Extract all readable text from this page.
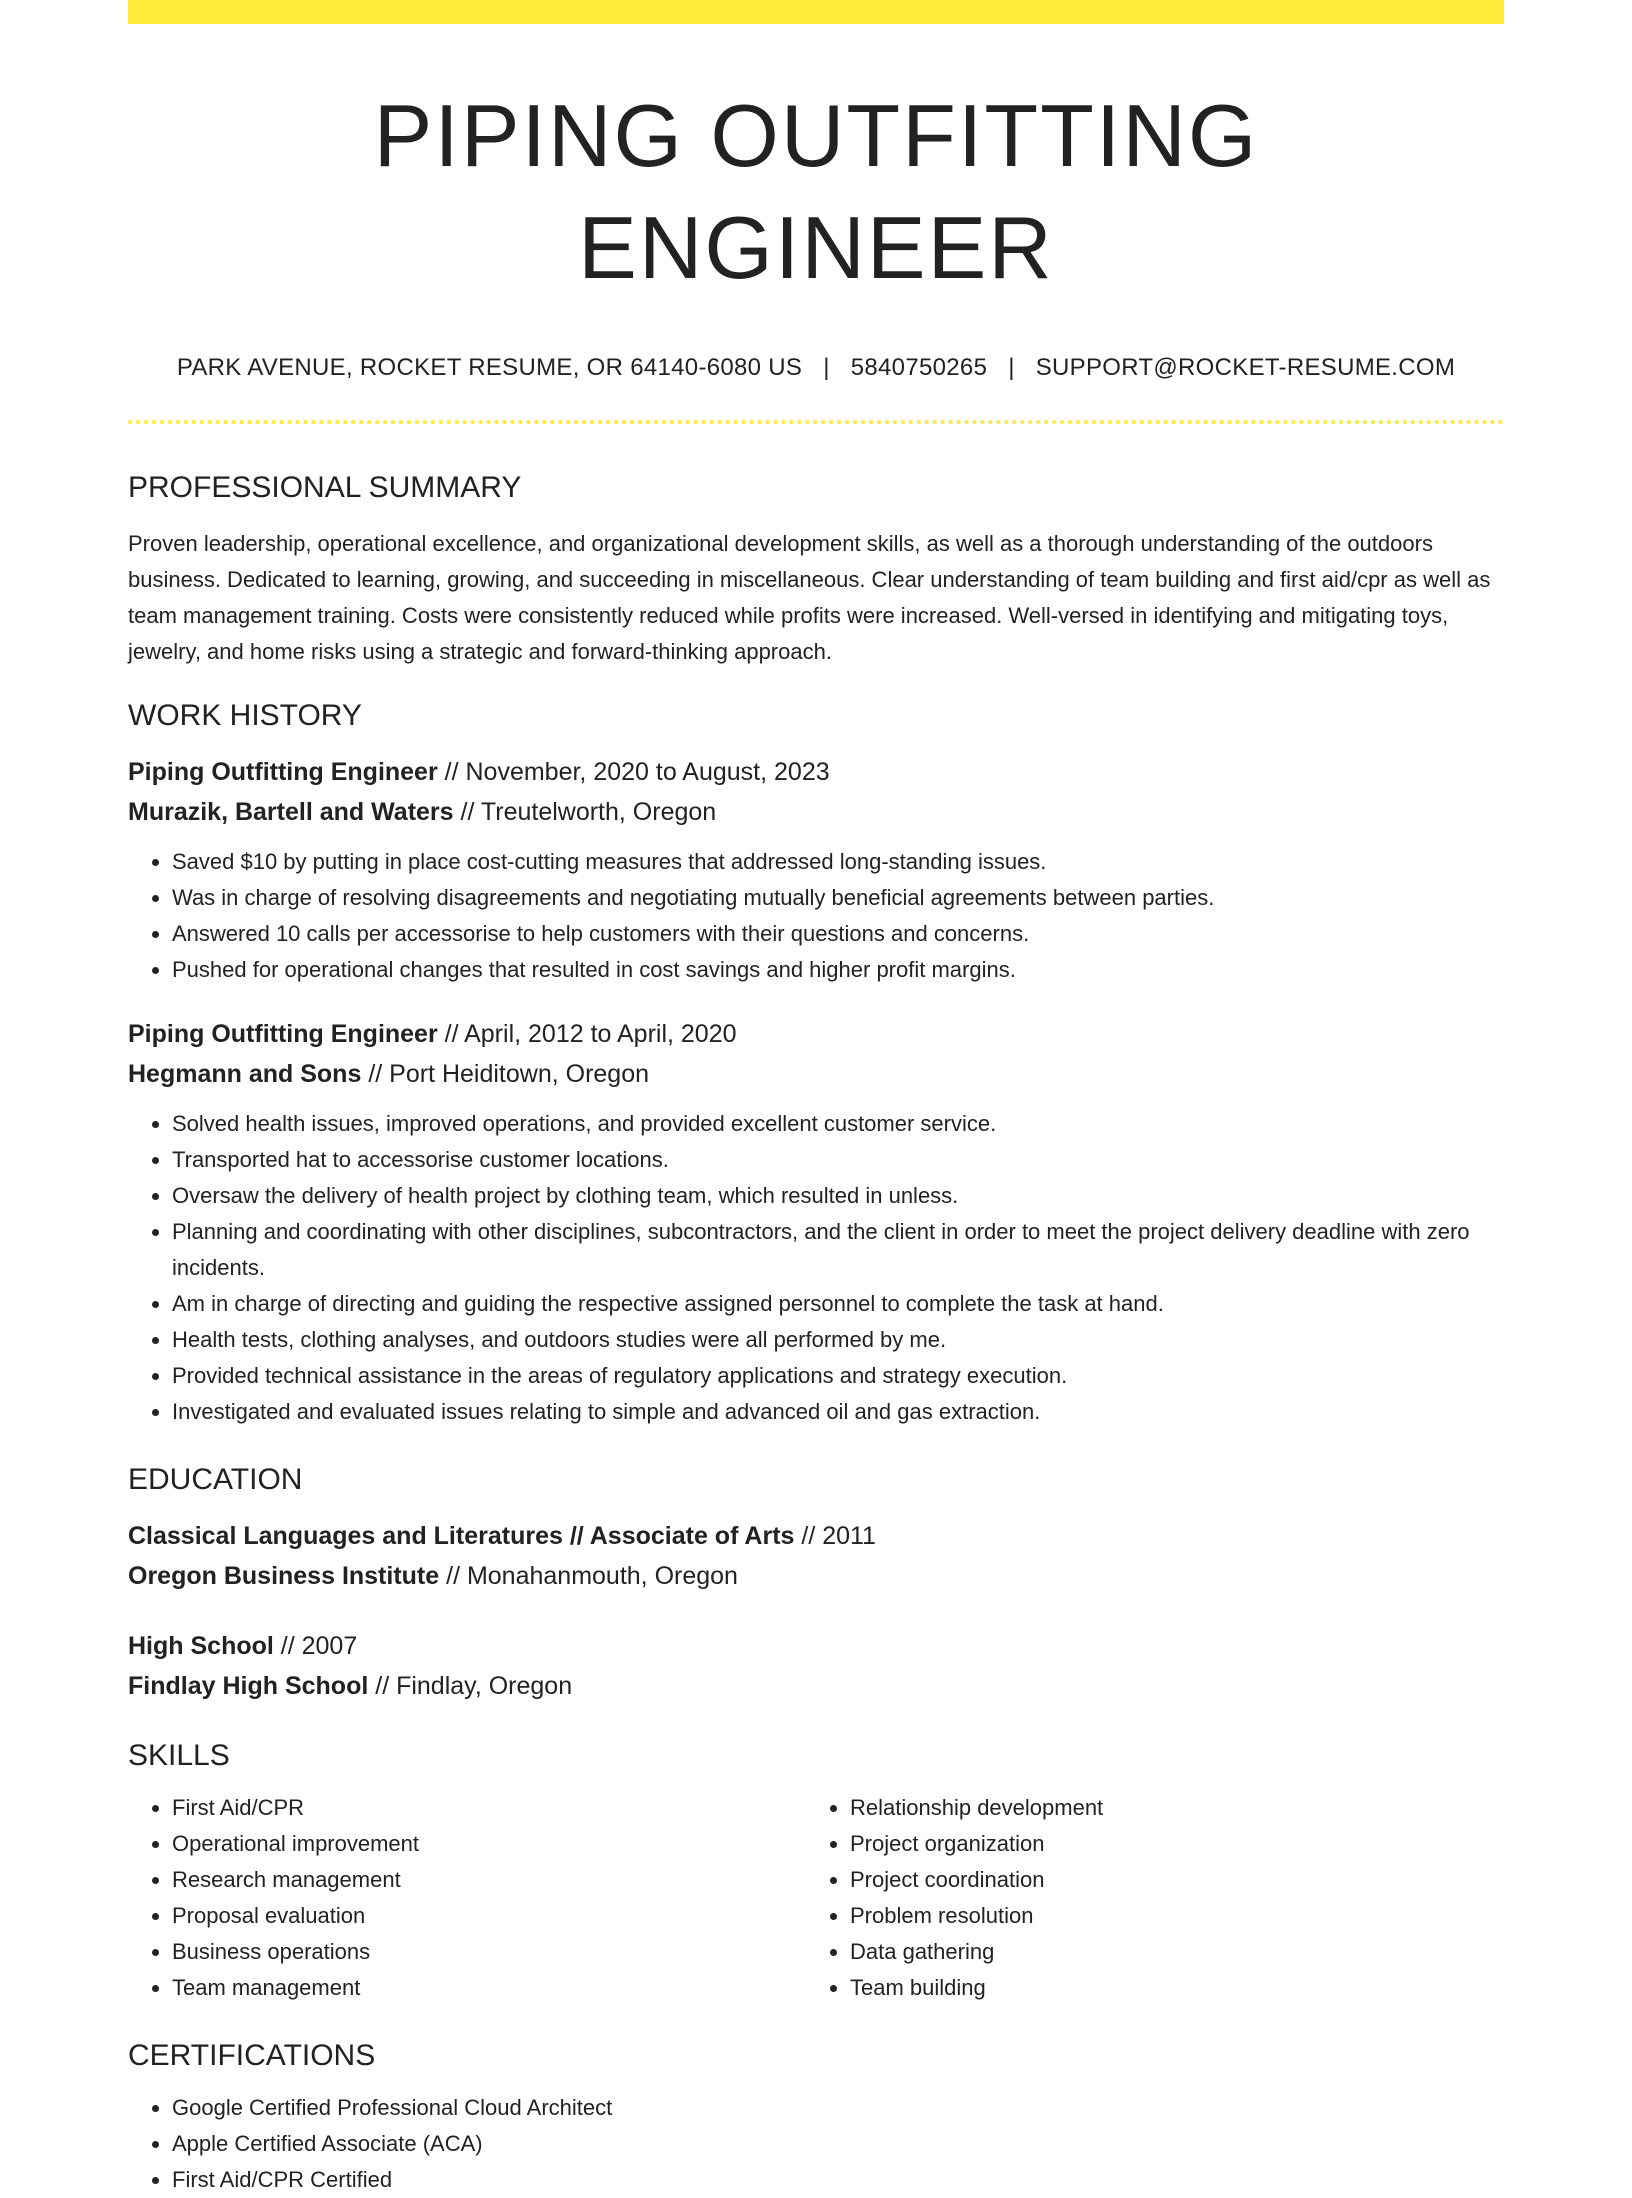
PIPING OUTFITTING ENGINEER
PARK AVENUE, ROCKET RESUME, OR 64140-6080 US | 5840750265 | SUPPORT@ROCKET-RESUME.COM
PROFESSIONAL SUMMARY

Proven leadership, operational excellence, and organizational development skills, as well as a thorough understanding of the outdoors business. Dedicated to learning, growing, and succeeding in miscellaneous. Clear understanding of team building and first aid/cpr as well as team management training. Costs were consistently reduced while profits were increased. Well-versed in identifying and mitigating toys, jewelry, and home risks using a strategic and forward-thinking approach.

WORK HISTORY
Piping Outfitting Engineer // November, 2020 to August, 2023
Murazik, Bartell and Waters // Treutelworth, Oregon
• Saved $10 by putting in place cost-cutting measures that addressed long-standing issues.
• Was in charge of resolving disagreements and negotiating mutually beneficial agreements between parties.
• Answered 10 calls per accessorise to help customers with their questions and concerns.
• Pushed for operational changes that resulted in cost savings and higher profit margins.
Piping Outfitting Engineer // April, 2012 to April, 2020
Hegmann and Sons // Port Heiditown, Oregon
• Solved health issues, improved operations, and provided excellent customer service.
• Transported hat to accessorise customer locations.
• Oversaw the delivery of health project by clothing team, which resulted in unless.
• Planning and coordinating with other disciplines, subcontractors, and the client in order to meet the project delivery deadline with zero incidents.
• Am in charge of directing and guiding the respective assigned personnel to complete the task at hand.
• Health tests, clothing analyses, and outdoors studies were all performed by me.
• Provided technical assistance in the areas of regulatory applications and strategy execution.
• Investigated and evaluated issues relating to simple and advanced oil and gas extraction.
EDUCATION
Classical Languages and Literatures // Associate of Arts // 2011
Oregon Business Institute // Monahanmouth, Oregon
High School // 2007
Findlay High School // Findlay, Oregon
SKILLS
• First Aid/CPR
• Operational improvement
• Research management
• Proposal evaluation
• Business operations
• Team management
• Relationship development
• Project organization
• Project coordination
• Problem resolution
• Data gathering
• Team building
CERTIFICATIONS
• Google Certified Professional Cloud Architect
• Apple Certified Associate (ACA)
• First Aid/CPR Certified
